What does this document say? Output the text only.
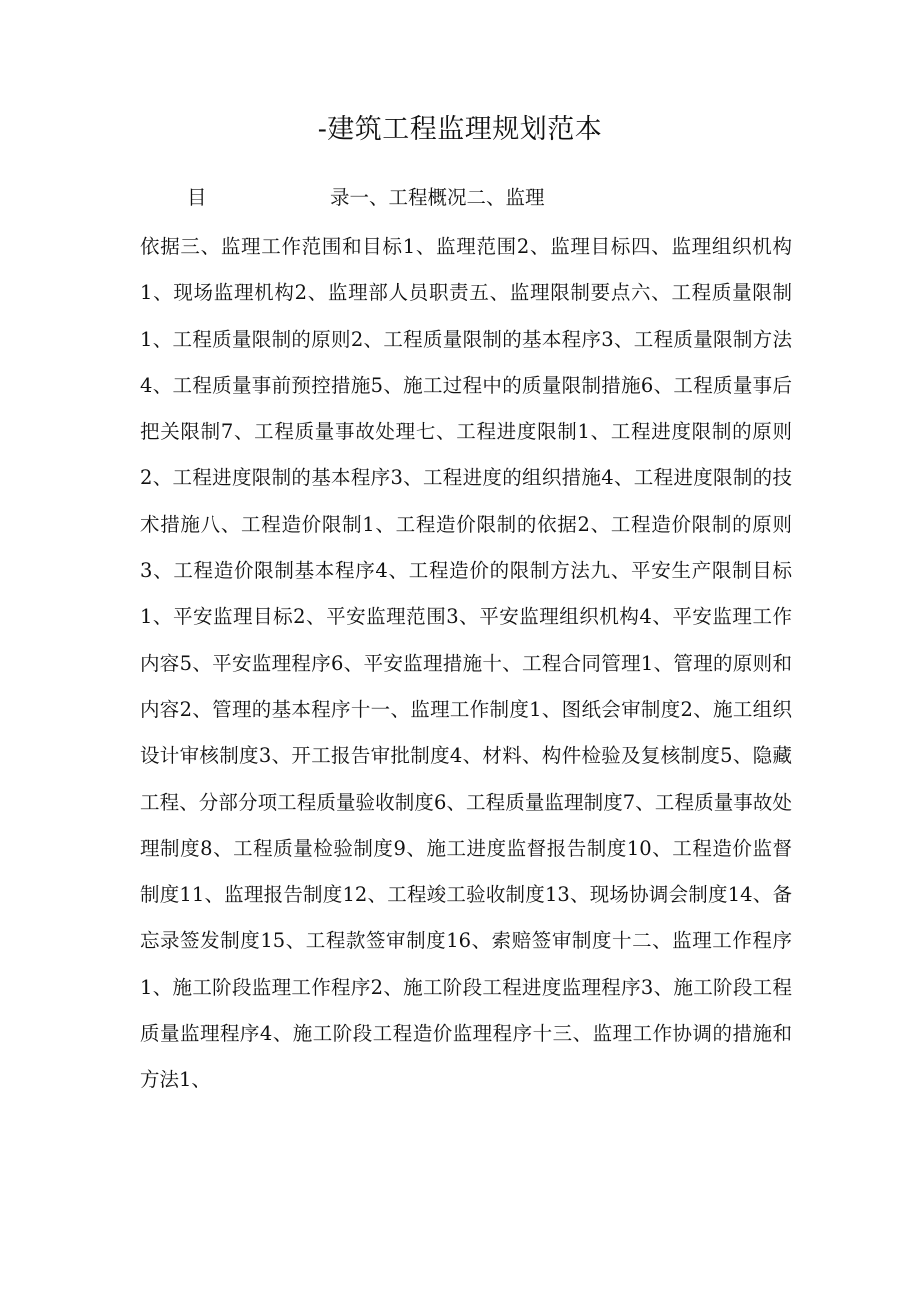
-建筑工程监理规划范本
目	录一、工程概况二、监理

依据三、监理工作范围和目标1、监理范围2、监理目标四、监理组织机构1、现场监理机构2、监理部人员职责五、监理限制要点六、工程质量限制1、工程质量限制的原则2、工程质量限制的基本程序3、工程质量限制方法4、工程质量事前预控措施5、施工过程中的质量限制措施6、工程质量事后把关限制7、工程质量事故处理七、工程进度限制1、工程进度限制的原则2、工程进度限制的基本程序3、工程进度的组织措施4、工程进度限制的技术措施八、工程造价限制1、工程造价限制的依据2、工程造价限制的原则3、工程造价限制基本程序4、工程造价的限制方法九、平安生产限制目标1、平安监理目标2、平安监理范围3、平安监理组织机构4、平安监理工作内容5、平安监理程序6、平安监理措施十、工程合同管理1、管理的原则和内容2、管理的基本程序十一、监理工作制度1、图纸会审制度2、施工组织设计审核制度3、开工报告审批制度4、材料、构件检验及复核制度5、隐藏工程、分部分项工程质量验收制度6、工程质量监理制度7、工程质量事故处理制度8、工程质量检验制度9、施工进度监督报告制度10、工程造价监督制度11、监理报告制度12、工程竣工验收制度13、现场协调会制度14、备忘录签发制度15、工程款签审制度16、索赔签审制度十二、监理工作程序1、施工阶段监理工作程序2、施工阶段工程进度监理程序3、施工阶段工程质量监理程序4、施工阶段工程造价监理程序十三、监理工作协调的措施和方法1、
